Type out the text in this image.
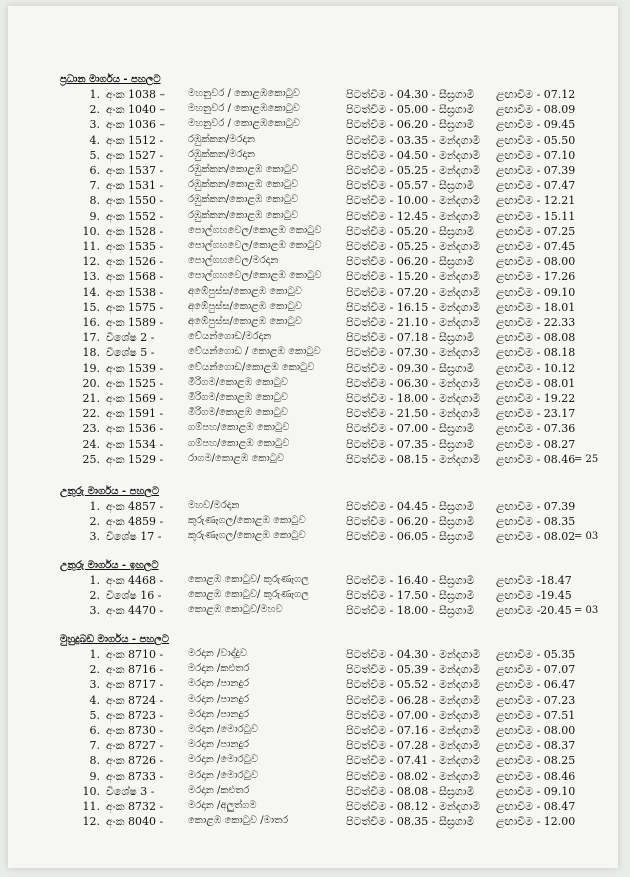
ප්‍රධාන මාර්ගය - පහලට
1. අංක 1038 – මහනුවර / කොළඹකොටුව	පිටත්වීම - 04.30 - සීඝ්‍රගාමී ළඟාවීම - 07.12
2. අංක 1040 – මහනුවර / කොළඹකොටුව	පිටත්වීම - 05.00 - සීඝ්‍රගාමී ළඟාවීම - 08.09
3. අංක 1036 – මහනුවර / කොළඹකොටුව	පිටත්වීම - 06.20 - සීඝ්‍රගාමී ළඟාවීම - 09.45
4. අංක 1512 - රඹුක්කන/මරදාන	පිටත්වීම - 03.35 - මන්දගාමී ළඟාවීම - 05.50
5. අංක 1527 - රඹුක්කන/මරදාන	පිටත්වීම - 04.50 - මන්දගාමී ළඟාවීම - 07.10
6. අංක 1537 - රඹුක්කන/කොළඹ කොටුව	පිටත්වීම - 05.25 - මන්දගාමී ළඟාවීම - 07.39
7. අංක 1531 - රඹුක්කන/කොළඹ කොටුව	පිටත්වීම - 05.57 - සීඝ්‍රගාමී ළඟාවීම - 07.47
8. අංක 1550 - රඹුක්කන/කොළඹ කොටුව	පිටත්වීම - 10.00 - මන්දගාමී ළඟාවීම - 12.21
9. අංක 1552 - රඹුක්කන/කොළඹ කොටුව	පිටත්වීම - 12.45 - මන්දගාමී ළඟාවීම - 15.11
10. අංක 1528 - පොල්ගහවෙල/කොළඹ කොටුව පිටත්වීම - 05.20 - සීඝ්‍රගාමී ළඟාවීම - 07.25
11. අංක 1535 - පොල්ගහවෙල/කොළඹ කොටුව පිටත්වීම - 05.25 - මන්දගාමී ළඟාවීම - 07.45
12. අංක 1526 - පොල්ගහවෙල/මරදාන	පිටත්වීම - 06.20 - සීඝ්‍රගාමී ළඟාවීම - 08.00
13. අංක 1568 - පොල්ගහවෙල/කොළඹ කොටුව පිටත්වීම - 15.20 - මන්දගාමී ළඟාවීම - 17.26
14. අංක 1538 - අඹේපුස්ස/කොළඹ කොටුව	පිටත්වීම - 07.20 - මන්දගාමී ළඟාවීම - 09.10
15. අංක 1575 - අඹේපුස්ස/කොළඹ කොටුව	පිටත්වීම - 16.15 - මන්දගාමී ළඟාවීම - 18.01
16. අංක 1589 - අඹේපුස්ස/කොළඹ කොටුව	පිටත්වීම - 21.10 - මන්දගාමී ළඟාවීම - 22.33
17. විශේෂ 2 -	වේයන්ගොඩ/මරදාන	පිටත්වීම - 07.18 - සීඝ්‍රගාමී ළඟාවීම - 08.08
18. විශේෂ 5 -	වේයන්ගොඩ / කොළඹ කොටුව පිටත්වීම - 07.30 - මන්දගාමී ළඟාවීම - 08.18
19. අංක 1539 - වේයන්ගොඩ/කොළඹ කොටුව	පිටත්වීම - 09.30 - සීඝ්‍රගාමී ළඟාවීම - 10.12
20. අංක 1525 - මීරිගම/කොළඹ කොටුව	පිටත්වීම - 06.30 - මන්දගාමී ළඟාවීම - 08.01
21. අංක 1569 - මීරිගම/කොළඹ කොටුව	පිටත්වීම - 18.00 - මන්දගාමී ළඟාවීම - 19.22
22. අංක 1591 - මීරිගම/කොළඹ කොටුව	පිටත්වීම - 21.50 - මන්දගාමී ළඟාවීම - 23.17
23. අංක 1536 - ගම්පහ/කොළඹ කොටුව	පිටත්වීම - 07.00 - සීඝ්‍රගාමී ළඟාවීම - 07.36
24. අංක 1534 - ගම්පහ/කොළඹ කොටුව	පිටත්වීම - 07.35 - සීඝ්‍රගාමී ළඟාවීම - 08.27
25. අංක 1529 - රාගම/කොළඹ කොටුව	පිටත්වීම - 08.15 - මන්දගාමී ළඟාවීම - 08.46
= 25
උතුරු මාර්ගය - පහලට
1. අංක 4857 - මහව/මරදාන	පිටත්වීම - 04.45 - සීඝ්‍රගාමී ළඟාවීම - 07.39
2. අංක 4859 - කුරුණෑගල/කොළඹ කොටුව	පිටත්වීම - 06.20 - සීඝ්‍රගාමී ළඟාවීම - 08.35
3. විශේෂ 17 -	කුරුණෑගල/කොළඹ කොටුව	පිටත්වීම - 06.05 - සීඝ්‍රගාමී ළඟාවීම - 08.02
= 03
උතුරු මාර්ගය - ඉහලට
1. අංක 4468 - කොළඹ කොටුව/ කුරුණෑගල	පිටත්වීම - 16.40 - සීඝ්‍රගාමී ළඟාවීම -18.47
2. විශේෂ 16 -	කොළඹ කොටුව/ කුරුණෑගල	පිටත්වීම - 17.50 - සීඝ්‍රගාමී ළඟාවීම -19.45
3. අංක 4470 - කොළඹ කොටුව/මහව	පිටත්වීම - 18.00 - සීඝ්‍රගාමී ළඟාවීම -20.45 = 03
මුහුදුබඩ මාර්ගය - පහලට
1. අංක 8710 - මරදාන /වාද්දුව	පිටත්වීම - 04.30 - මන්දගාමී ළඟාවීම - 05.35
2. අංක 8716 - මරදාන /කළුතර	පිටත්වීම - 05.39 - මන්දගාමී ළඟාවීම - 07.07
3. අංක 8717 - මරදාන /පානදුර	පිටත්වීම - 05.52 - මන්දගාමී ළඟාවීම - 06.47
4. අංක 8724 - මරදාන /පානදුර	පිටත්වීම - 06.28 - මන්දගාමී ළඟාවීම - 07.23
5. අංක 8723 - මරදාන /පානදුර	පිටත්වීම - 07.00 - මන්දගාමී ළඟාවීම - 07.51
6. අංක 8730 - මරදාන /මොරටුව	පිටත්වීම - 07.16 - මන්දගාමී ළඟාවීම - 08.00
7. අංක 8727 - මරදාන /පානදුර	පිටත්වීම - 07.28 - මන්දගාමී ළඟාවීම - 08.37
8. අංක 8726 - මරදාන /මොරටුව	පිටත්වීම - 07.41 - මන්දගාමී ළඟාවීම - 08.25
9. අංක 8733 - මරදාන /මොරටුව	පිටත්වීම - 08.02 - මන්දගාමී ළඟාවීම - 08.46
10. විශේෂ 3 -	මරදාන /කළුතර	පිටත්වීම - 08.08 - සීඝ්‍රගාමී ළඟාවීම - 09.10
11. අංක 8732 - මරදාන /අලුත්ගම	පිටත්වීම - 08.12 - මන්දගාමී ළඟාවීම - 08.47
12. අංක 8040 - කොළඹ කොටුව /මාතර	පිටත්වීම - 08.35 - සීඝ්‍රගාමී ළඟාවීම - 12.00
